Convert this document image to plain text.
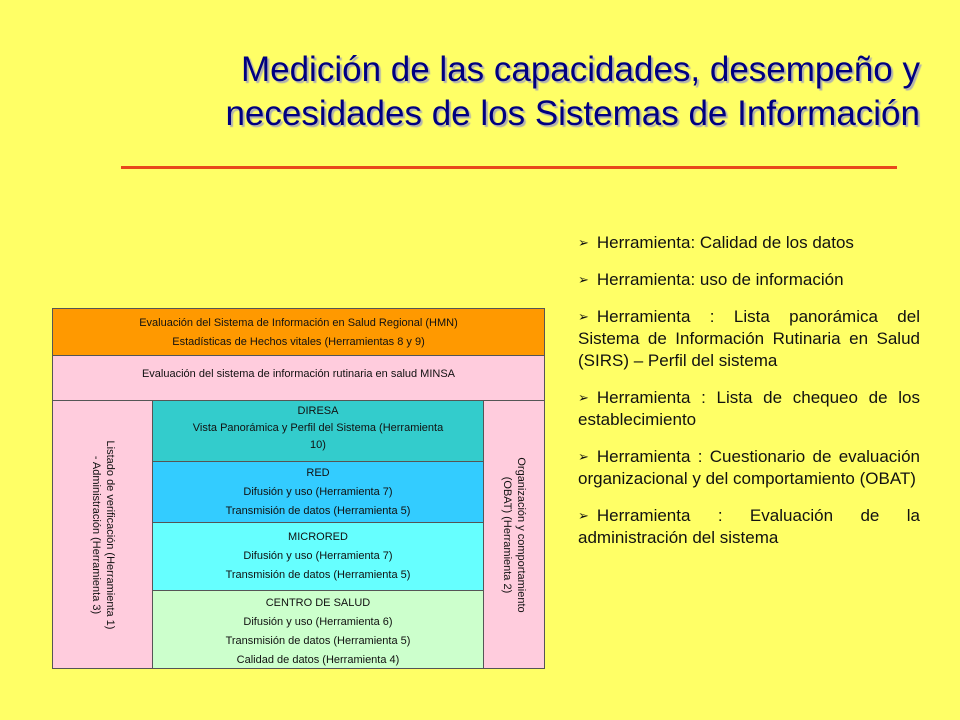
Medición de las capacidades, desempeño y
necesidades de los Sistemas de Información
Evaluación del Sistema de Información en Salud Regional (HMN)
Estadísticas de Hechos vitales (Herramientas 8 y 9)
Evaluación del sistema de información rutinaria en salud MINSA
Listado de verificación (Herramienta 1)
- Administración (Herramienta 3)
DIRESA
Vista Panorámica y Perfil del Sistema (Herramienta
10)
RED
Difusión y uso (Herramienta 7)
Transmisión de datos (Herramienta 5)
MICRORED
Difusión y uso (Herramienta 7)
Transmisión de datos (Herramienta 5)
CENTRO DE SALUD
Difusión y uso (Herramienta 6)
Transmisión de datos (Herramienta 5)
Calidad de datos (Herramienta 4)
Organización y comportamiento
(OBAT) (Herramienta 2)
➢ Herramienta: Calidad de los datos
➢ Herramienta: uso de información
➢ Herramienta : Lista panorámica del Sistema de Información Rutinaria en Salud (SIRS) – Perfil del sistema
➢ Herramienta : Lista de chequeo de los establecimiento
➢ Herramienta : Cuestionario de evaluación organizacional y del comportamiento (OBAT)
➢ Herramienta : Evaluación de la administración del sistema
